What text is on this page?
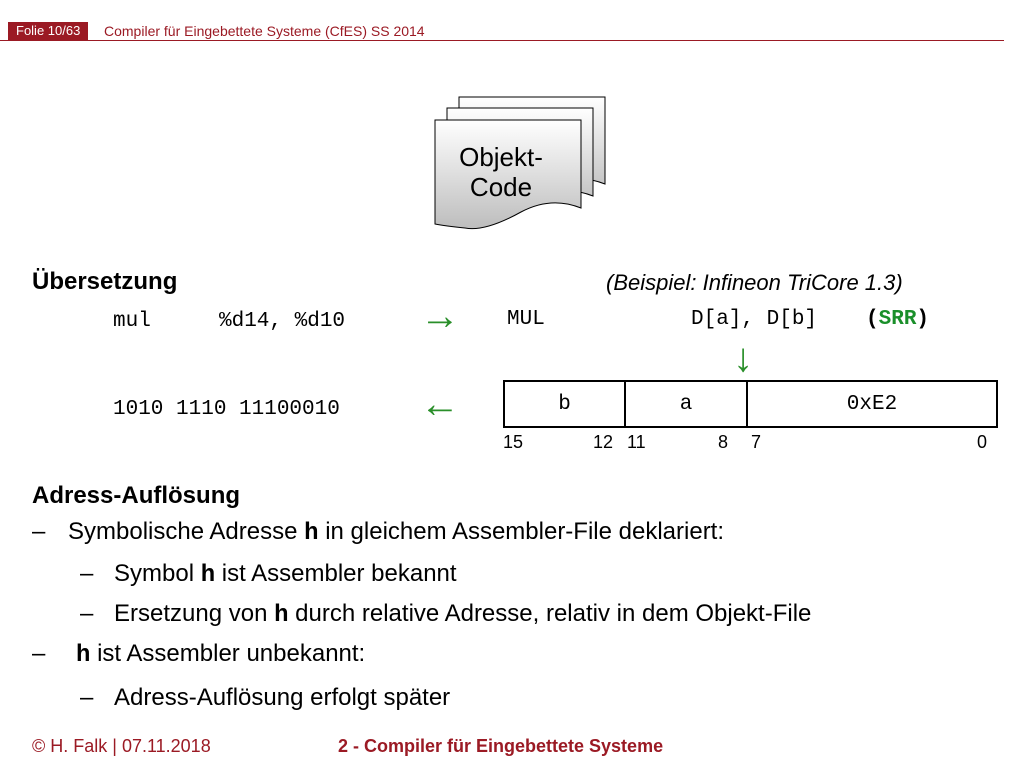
Folie 10/63	Compiler für Eingebettete Systeme (CfES) SS 2014
Objekt-
Code
Übersetzung	(Beispiel: Infineon TriCore 1.3)
mul	%d14, %d10 → MUL	D[a], D[b] (SRR)
↓
1010 1110 11100010 ←	b	a	0xE2
15	12 11	8 7	0
Adress-Auflösung
– Symbolische Adresse h in gleichem Assembler-File deklariert:
– Symbol h ist Assembler bekannt
– Ersetzung von h durch relative Adresse, relativ in dem Objekt-File
– h ist Assembler unbekannt:
– Adress-Auflösung erfolgt später
© H. Falk | 07.11.2018	2 - Compiler für Eingebettete Systeme
